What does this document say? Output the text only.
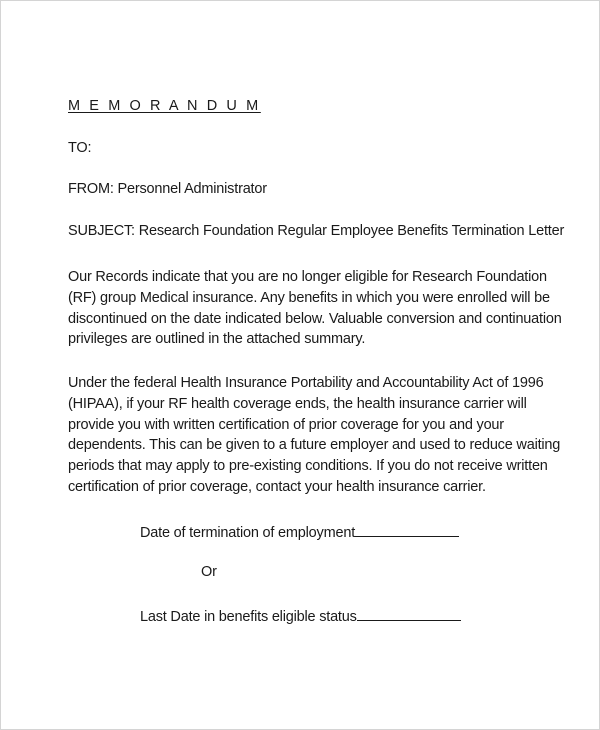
M E M O R A N D U M
TO:
FROM: Personnel Administrator
SUBJECT: Research Foundation Regular Employee Benefits Termination Letter
Our Records indicate that you are no longer eligible for Research Foundation
(RF) group Medical insurance. Any benefits in which you were enrolled will be
discontinued on the date indicated below. Valuable conversion and continuation
privileges are outlined in the attached summary.
Under the federal Health Insurance Portability and Accountability Act of 1996
(HIPAA), if your RF health coverage ends, the health insurance carrier will
provide you with written certification of prior coverage for you and your
dependents. This can be given to a future employer and used to reduce waiting
periods that may apply to pre-existing conditions. If you do not receive written
certification of prior coverage, contact your health insurance carrier.
Date of termination of employment
Or
Last Date in benefits eligible status
